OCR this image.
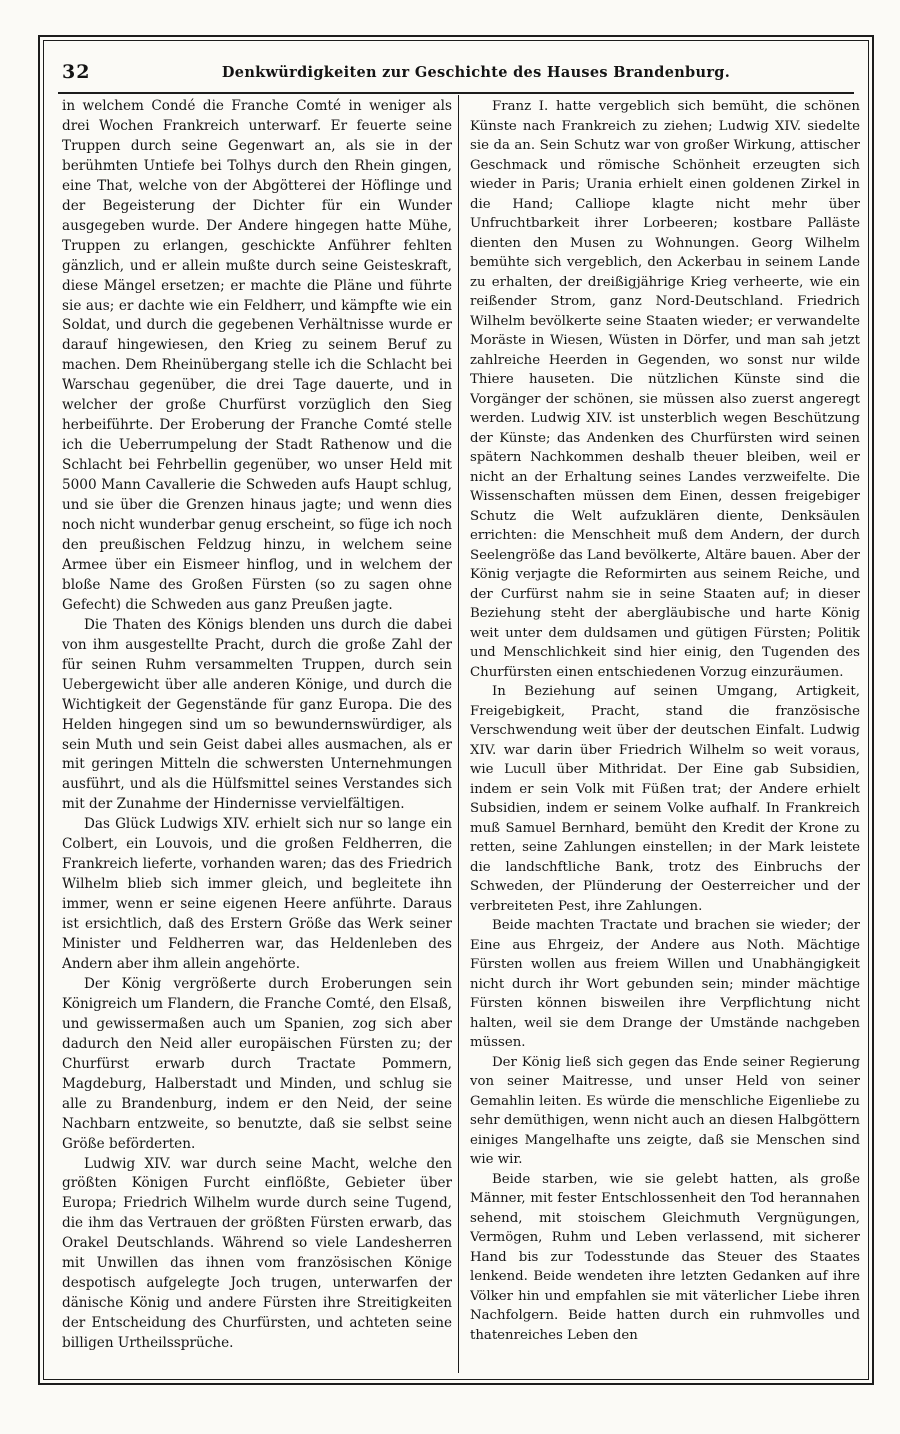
32	Denkwürdigkeiten zur Geschichte des Hauses Brandenburg.

in welchem Condé die Franche Comté in weniger als drei Wochen Frankreich unterwarf. Er feuerte seine Truppen durch seine Gegenwart an, als sie in der berühmten Untiefe bei Tolhys durch den Rhein gingen, eine That, welche von der Abgötterei der Höflinge und der Begeisterung der Dichter für ein Wunder ausgegeben wurde. Der Andere hingegen hatte Mühe, Truppen zu erlangen, geschickte Anführer fehlten gänzlich, und er allein mußte durch seine Geisteskraft, diese Mängel ersetzen; er machte die Pläne und führte sie aus; er dachte wie ein Feldherr, und kämpfte wie ein Soldat, und durch die gegebenen Verhältnisse wurde er darauf hingewiesen, den Krieg zu seinem Beruf zu machen. Dem Rheinübergang stelle ich die Schlacht bei Warschau gegenüber, die drei Tage dauerte, und in welcher der große Churfürst vorzüglich den Sieg herbeiführte. Der Eroberung der Franche Comté stelle ich die Ueberrumpelung der Stadt Rathenow und die Schlacht bei Fehrbellin gegenüber, wo unser Held mit 5000 Mann Cavallerie die Schweden aufs Haupt schlug, und sie über die Grenzen hinaus jagte; und wenn dies noch nicht wunderbar genug erscheint, so füge ich noch den preußischen Feldzug hinzu, in welchem seine Armee über ein Eismeer hinflog, und in welchem der bloße Name des Großen Fürsten (so zu sagen ohne Gefecht) die Schweden aus ganz Preußen jagte.

Die Thaten des Königs blenden uns durch die dabei von ihm ausgestellte Pracht, durch die große Zahl der für seinen Ruhm versammelten Truppen, durch sein Uebergewicht über alle anderen Könige, und durch die Wichtigkeit der Gegenstände für ganz Europa. Die des Helden hingegen sind um so bewundernswürdiger, als sein Muth und sein Geist dabei alles ausmachen, als er mit geringen Mitteln die schwersten Unternehmungen ausführt, und als die Hülfsmittel seines Verstandes sich mit der Zunahme der Hindernisse vervielfältigen.

Das Glück Ludwigs XIV. erhielt sich nur so lange ein Colbert, ein Louvois, und die großen Feldherren, die Frankreich lieferte, vorhanden waren; das des Friedrich Wilhelm blieb sich immer gleich, und begleitete ihn immer, wenn er seine eigenen Heere anführte. Daraus ist ersichtlich, daß des Erstern Größe das Werk seiner Minister und Feldherren war, das Heldenleben des Andern aber ihm allein angehörte.

Der König vergrößerte durch Eroberungen sein Königreich um Flandern, die Franche Comté, den Elsaß, und gewissermaßen auch um Spanien, zog sich aber dadurch den Neid aller europäischen Fürsten zu; der Churfürst erwarb durch Tractate Pommern, Magdeburg, Halberstadt und Minden, und schlug sie alle zu Brandenburg, indem er den Neid, der seine Nachbarn entzweite, so benutzte, daß sie selbst seine Größe beförderten.

Ludwig XIV. war durch seine Macht, welche den größten Königen Furcht einflößte, Gebieter über Europa; Friedrich Wilhelm wurde durch seine Tugend, die ihm das Vertrauen der größten Fürsten erwarb, das Orakel Deutschlands. Während so viele Landesherren mit Unwillen das ihnen vom französischen Könige despotisch aufgelegte Joch trugen, unterwarfen der dänische König und andere Fürsten ihre Streitigkeiten der Entscheidung des Churfürsten, und achteten seine billigen Urtheilssprüche.

Franz I. hatte vergeblich sich bemüht, die schönen Künste nach Frankreich zu ziehen; Ludwig XIV. siedelte sie da an. Sein Schutz war von großer Wirkung, attischer Geschmack und römische Schönheit erzeugten sich wieder in Paris; Urania erhielt einen goldenen Zirkel in die Hand; Calliope klagte nicht mehr über Unfruchtbarkeit ihrer Lorbeeren; kostbare Palläste dienten den Musen zu Wohnungen. Georg Wilhelm bemühte sich vergeblich, den Ackerbau in seinem Lande zu erhalten, der dreißigjährige Krieg verheerte, wie ein reißender Strom, ganz Nord-Deutschland. Friedrich Wilhelm bevölkerte seine Staaten wieder; er verwandelte Moräste in Wiesen, Wüsten in Dörfer, und man sah jetzt zahlreiche Heerden in Gegenden, wo sonst nur wilde Thiere hauseten. Die nützlichen Künste sind die Vorgänger der schönen, sie müssen also zuerst angeregt werden. Ludwig XIV. ist unsterblich wegen Beschützung der Künste; das Andenken des Churfürsten wird seinen spätern Nachkommen deshalb theuer bleiben, weil er nicht an der Erhaltung seines Landes verzweifelte. Die Wissenschaften müssen dem Einen, dessen freigebiger Schutz die Welt aufzuklären diente, Denksäulen errichten: die Menschheit muß dem Andern, der durch Seelengröße das Land bevölkerte, Altäre bauen. Aber der König verjagte die Reformirten aus seinem Reiche, und der Curfürst nahm sie in seine Staaten auf; in dieser Beziehung steht der abergläubische und harte König weit unter dem duldsamen und gütigen Fürsten; Politik und Menschlichkeit sind hier einig, den Tugenden des Churfürsten einen entschiedenen Vorzug einzuräumen.

In Beziehung auf seinen Umgang, Artigkeit, Freigebigkeit, Pracht, stand die französische Verschwendung weit über der deutschen Einfalt. Ludwig XIV. war darin über Friedrich Wilhelm so weit voraus, wie Lucull über Mithridat. Der Eine gab Subsidien, indem er sein Volk mit Füßen trat; der Andere erhielt Subsidien, indem er seinem Volke aufhalf. In Frankreich muß Samuel Bernhard, bemüht den Kredit der Krone zu retten, seine Zahlungen einstellen; in der Mark leistete die landschftliche Bank, trotz des Einbruchs der Schweden, der Plünderung der Oesterreicher und der verbreiteten Pest, ihre Zahlungen.

Beide machten Tractate und brachen sie wieder; der Eine aus Ehrgeiz, der Andere aus Noth. Mächtige Fürsten wollen aus freiem Willen und Unabhängigkeit nicht durch ihr Wort gebunden sein; minder mächtige Fürsten können bisweilen ihre Verpflichtung nicht halten, weil sie dem Drange der Umstände nachgeben müssen.

Der König ließ sich gegen das Ende seiner Regierung von seiner Maitresse, und unser Held von seiner Gemahlin leiten. Es würde die menschliche Eigenliebe zu sehr demüthigen, wenn nicht auch an diesen Halbgöttern einiges Mangelhafte uns zeigte, daß sie Menschen sind wie wir.

Beide starben, wie sie gelebt hatten, als große Männer, mit fester Entschlossenheit den Tod herannahen sehend, mit stoischem Gleichmuth Vergnügungen, Vermögen, Ruhm und Leben verlassend, mit sicherer Hand bis zur Todesstunde das Steuer des Staates lenkend. Beide wendeten ihre letzten Gedanken auf ihre Völker hin und empfahlen sie mit väterlicher Liebe ihren Nachfolgern. Beide hatten durch ein ruhmvolles und thatenreiches Leben den
